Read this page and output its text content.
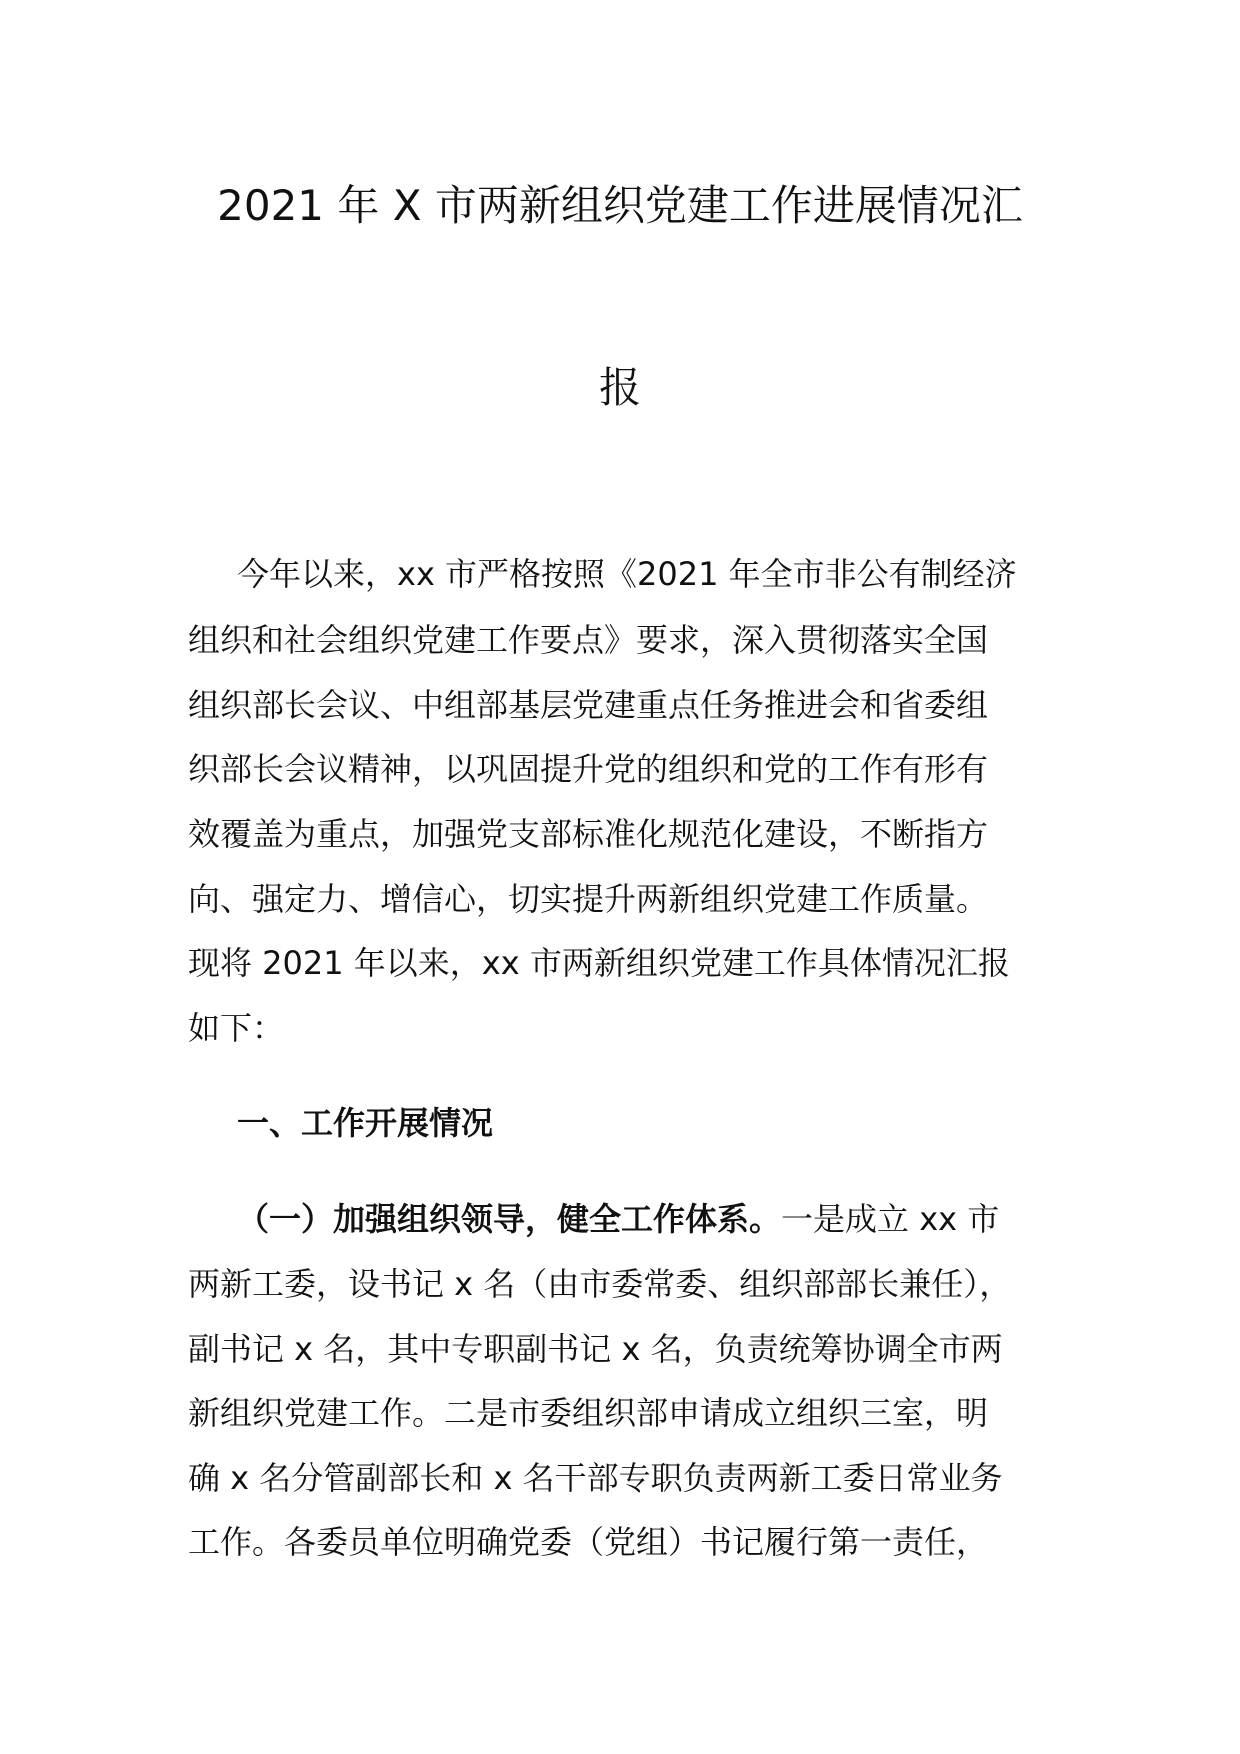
2021 年 X 市两新组织党建工作进展情况汇
报
今年以来，xx 市严格按照《2021 年全市非公有制经济
组织和社会组织党建工作要点》要求，深入贯彻落实全国
组织部长会议、中组部基层党建重点任务推进会和省委组
织部长会议精神，以巩固提升党的组织和党的工作有形有
效覆盖为重点，加强党支部标准化规范化建设，不断指方
向、强定力、增信心，切实提升两新组织党建工作质量。
现将 2021 年以来，xx 市两新组织党建工作具体情况汇报
如下：
一、工作开展情况
（一）加强组织领导，健全工作体系。一是成立 xx 市
两新工委，设书记 x 名（由市委常委、组织部部长兼任），
副书记 x 名，其中专职副书记 x 名，负责统筹协调全市两
新组织党建工作。二是市委组织部申请成立组织三室，明
确 x 名分管副部长和 x 名干部专职负责两新工委日常业务
工作。各委员单位明确党委（党组）书记履行第一责任，
